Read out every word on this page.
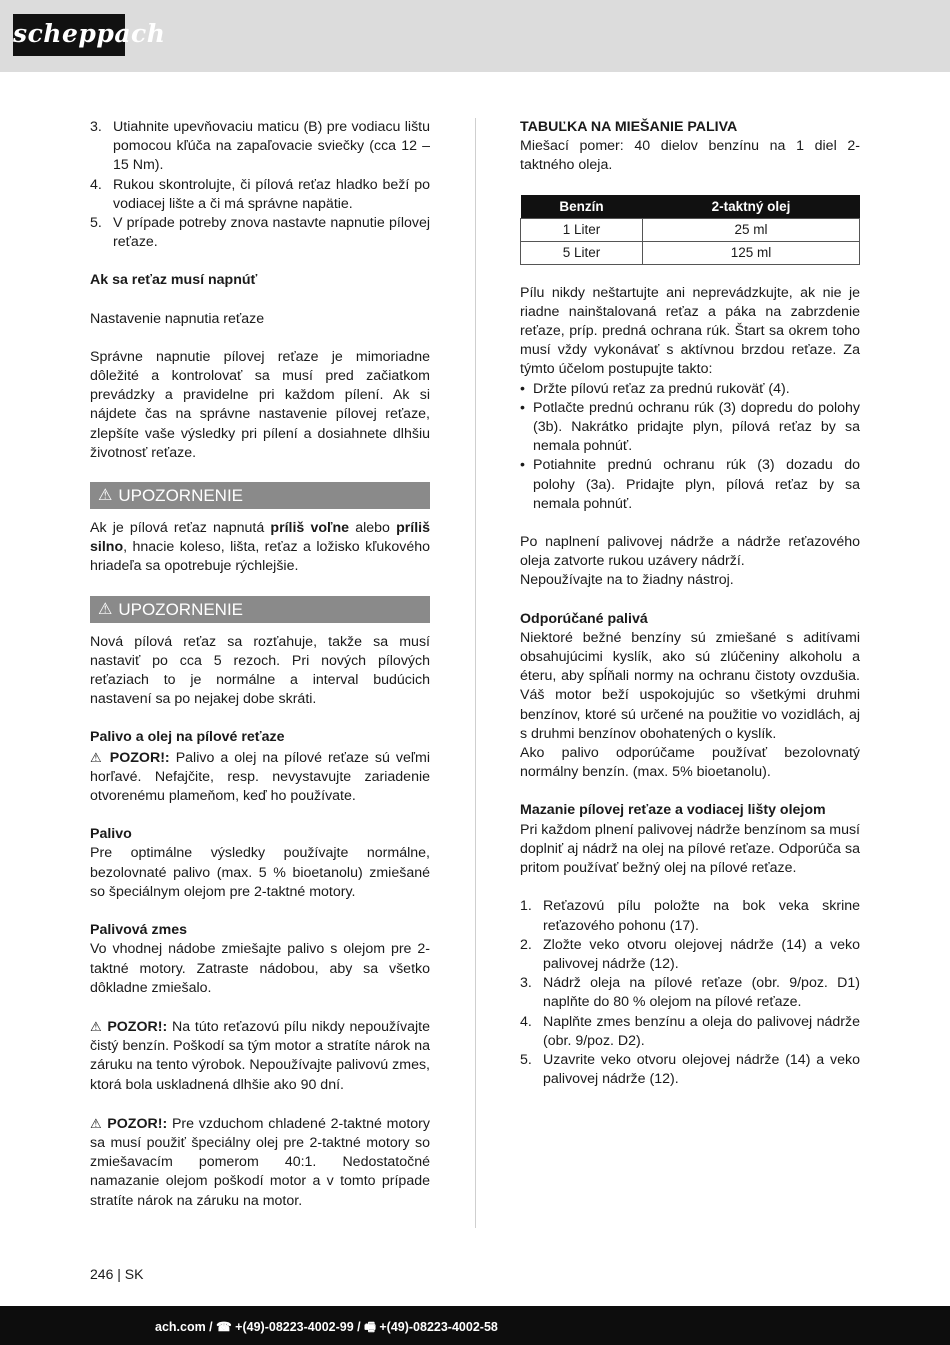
scheppach
3. Utiahnite upevňovaciu maticu (B) pre vodiacu lištu pomocou kľúča na zapaľovacie sviečky (cca 12 – 15 Nm).
4. Rukou skontrolujte, či pílová reťaz hladko beží po vodiacej lište a či má správne napätie.
5. V prípade potreby znova nastavte napnutie pílovej reťaze.

Ak sa reťaz musí napnúť

Nastavenie napnutia reťaze

Správne napnutie pílovej reťaze je mimoriadne dôležité a kontrolovať sa musí pred začiatkom prevádzky a pravidelne pri každom pílení. Ak si nájdete čas na správne nastavenie pílovej reťaze, zlepšíte vaše výsledky pri pílení a dosiahnete dlhšiu životnosť reťaze.

⚠ UPOZORNENIE

Ak je pílová reťaz napnutá príliš voľne alebo príliš silno, hnacie koleso, lišta, reťaz a ložisko kľukového hriadeľa sa opotrebuje rýchlejšie.

⚠ UPOZORNENIE

Nová pílová reťaz sa rozťahuje, takže sa musí nastaviť po cca 5 rezoch. Pri nových pílových reťaziach to je normálne a interval budúcich nastavení sa po nejakej dobe skráti.

Palivo a olej na pílové reťaze

⚠ POZOR!: Palivo a olej na pílové reťaze sú veľmi horľavé. Nefajčite, resp. nevystavujte zariadenie otvorenému plameňom, keď ho používate.

Palivo

Pre optimálne výsledky používajte normálne, bezolovnaté palivo (max. 5 % bioetanolu) zmiešané so špeciálnym olejom pre 2-taktné motory.

Palivová zmes

Vo vhodnej nádobe zmiešajte palivo s olejom pre 2-taktné motory. Zatraste nádobou, aby sa všetko dôkladne zmiešalo.

⚠ POZOR!: Na túto reťazovú pílu nikdy nepoužívajte čistý benzín. Poškodí sa tým motor a stratíte nárok na záruku na tento výrobok. Nepoužívajte palivovú zmes, ktorá bola uskladnená dlhšie ako 90 dní.

⚠ POZOR!: Pre vzduchom chladené 2-taktné motory sa musí použiť špeciálny olej pre 2-taktné motory so zmiešavacím pomerom 40:1. Nedostatočné namazanie olejom poškodí motor a v tomto prípade stratíte nárok na záruku na motor.

TABUĽKA NA MIEŠANIE PALIVA

Miešací pomer: 40 dielov benzínu na 1 diel 2-taktného oleja.

Benzín	2-taktný olej
1 Liter	25 ml
5 Liter	125 ml

Pílu nikdy neštartujte ani neprevádzkujte, ak nie je riadne nainštalovaná reťaz a páka na zabrzdenie reťaze, príp. predná ochrana rúk. Štart sa okrem toho musí vždy vykonávať s aktívnou brzdou reťaze. Za týmto účelom postupujte takto:

• Držte pílovú reťaz za prednú rukoväť (4).
• Potlačte prednú ochranu rúk (3) dopredu do polohy (3b). Nakrátko pridajte plyn, pílová reťaz by sa nemala pohnúť.
• Potiahnite prednú ochranu rúk (3) dozadu do polohy (3a). Pridajte plyn, pílová reťaz by sa nemala pohnúť.

Po naplnení palivovej nádrže a nádrže reťazového oleja zatvorte rukou uzávery nádrží.

Nepoužívajte na to žiadny nástroj.

Odporúčané palivá

Niektoré bežné benzíny sú zmiešané s aditívami obsahujúcimi kyslík, ako sú zlúčeniny alkoholu a éteru, aby spĺňali normy na ochranu čistoty ovzdušia. Váš motor beží uspokojujúc so všetkými druhmi benzínov, ktoré sú určené na použitie vo vozidlách, aj s druhmi benzínov obohatených o kyslík.

Ako palivo odporúčame používať bezolovnatý normálny benzín. (max. 5% bioetanolu).

Mazanie pílovej reťaze a vodiacej lišty olejom

Pri každom plnení palivovej nádrže benzínom sa musí doplniť aj nádrž na olej na pílové reťaze. Odporúča sa pritom používať bežný olej na pílové reťaze.

1. Reťazovú pílu položte na bok veka skrine reťazového pohonu (17).
2. Zložte veko otvoru olejovej nádrže (14) a veko palivovej nádrže (12).
3. Nádrž oleja na pílové reťaze (obr. 9/poz. D1) naplňte do 80 % olejom na pílové reťaze.
4. Naplňte zmes benzínu a oleja do palivovej nádrže (obr. 9/poz. D2).
5. Uzavrite veko otvoru olejovej nádrže (14) a veko palivovej nádrže (12).
246 | SK
ach.com / ☎ +(49)-08223-4002-99 / 🖷 +(49)-08223-4002-58
